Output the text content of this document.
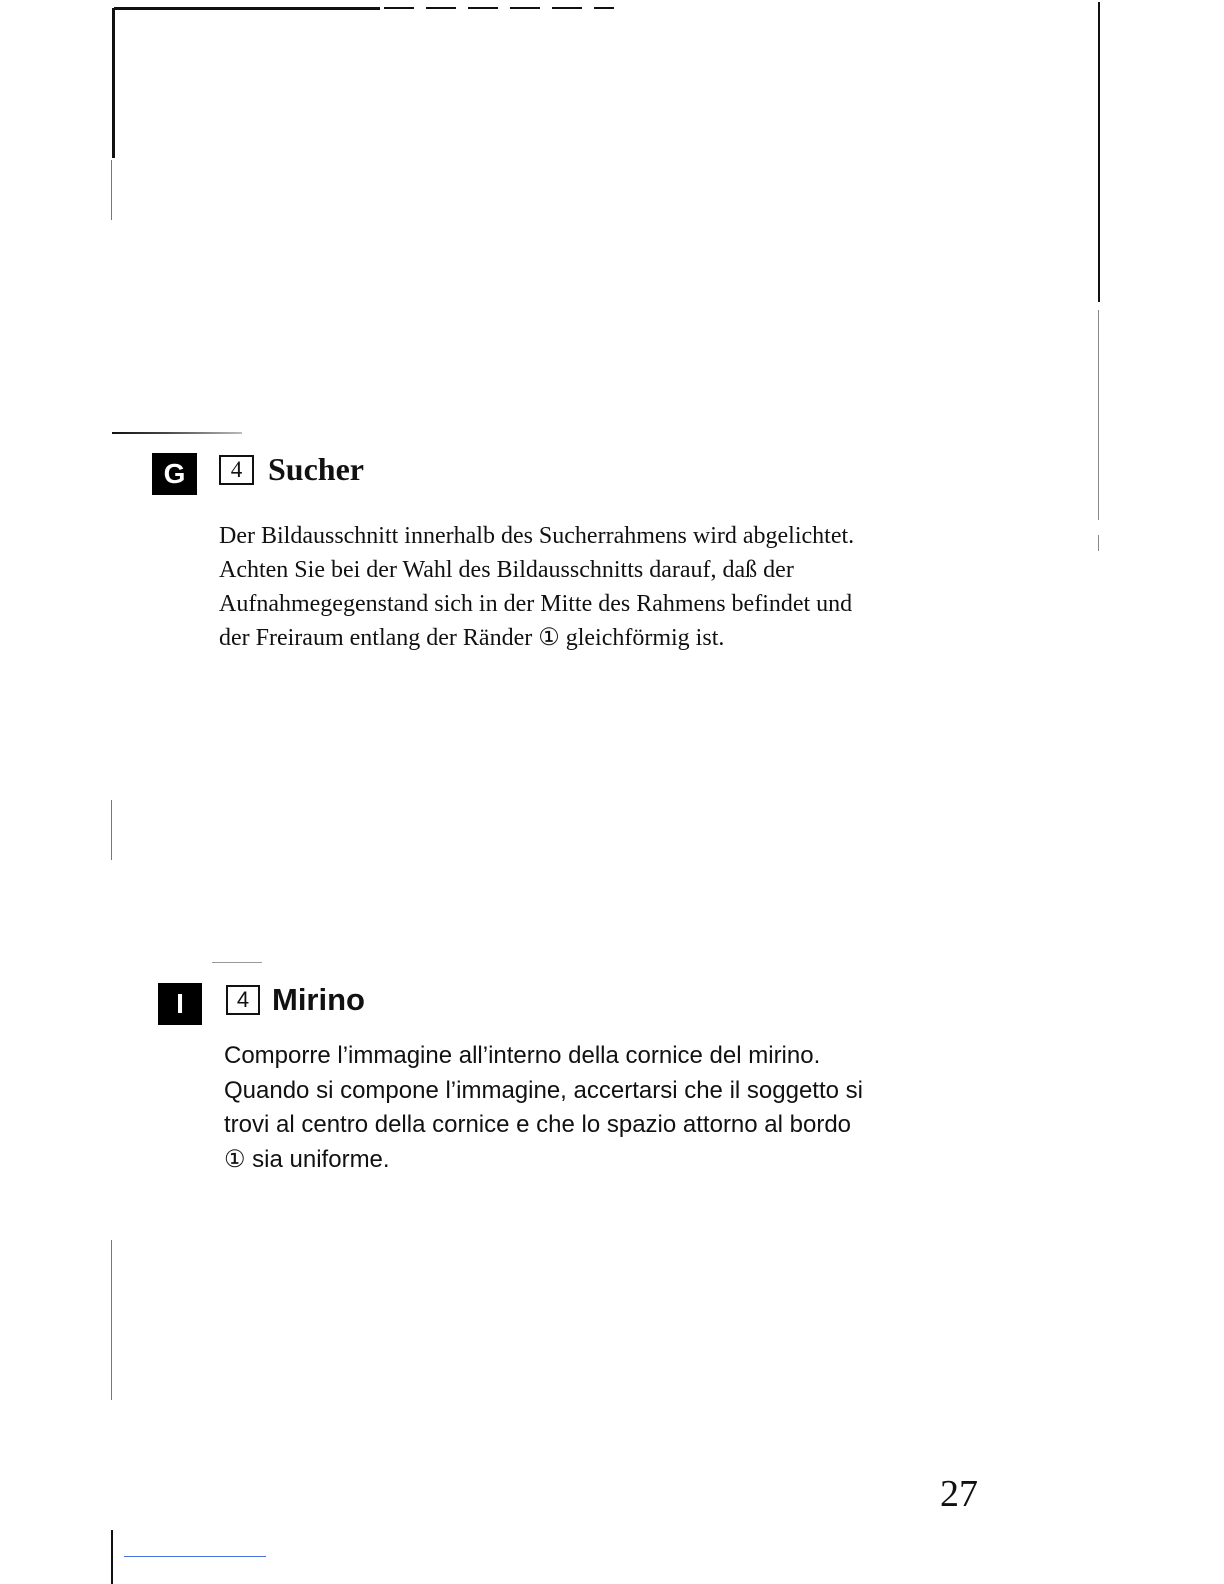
G	4 Sucher

Der Bildausschnitt innerhalb des Sucherrahmens wird abgelichtet.
Achten Sie bei der Wahl des Bildausschnitts darauf, daß der
Aufnahmegegenstand sich in der Mitte des Rahmens befindet und
der Freiraum entlang der Ränder ① gleichförmig ist.

I	4 Mirino

Comporre l’immagine all’interno della cornice del mirino.
Quando si compone l’immagine, accertarsi che il soggetto si
trovi al centro della cornice e che lo spazio attorno al bordo
① sia uniforme.

27
